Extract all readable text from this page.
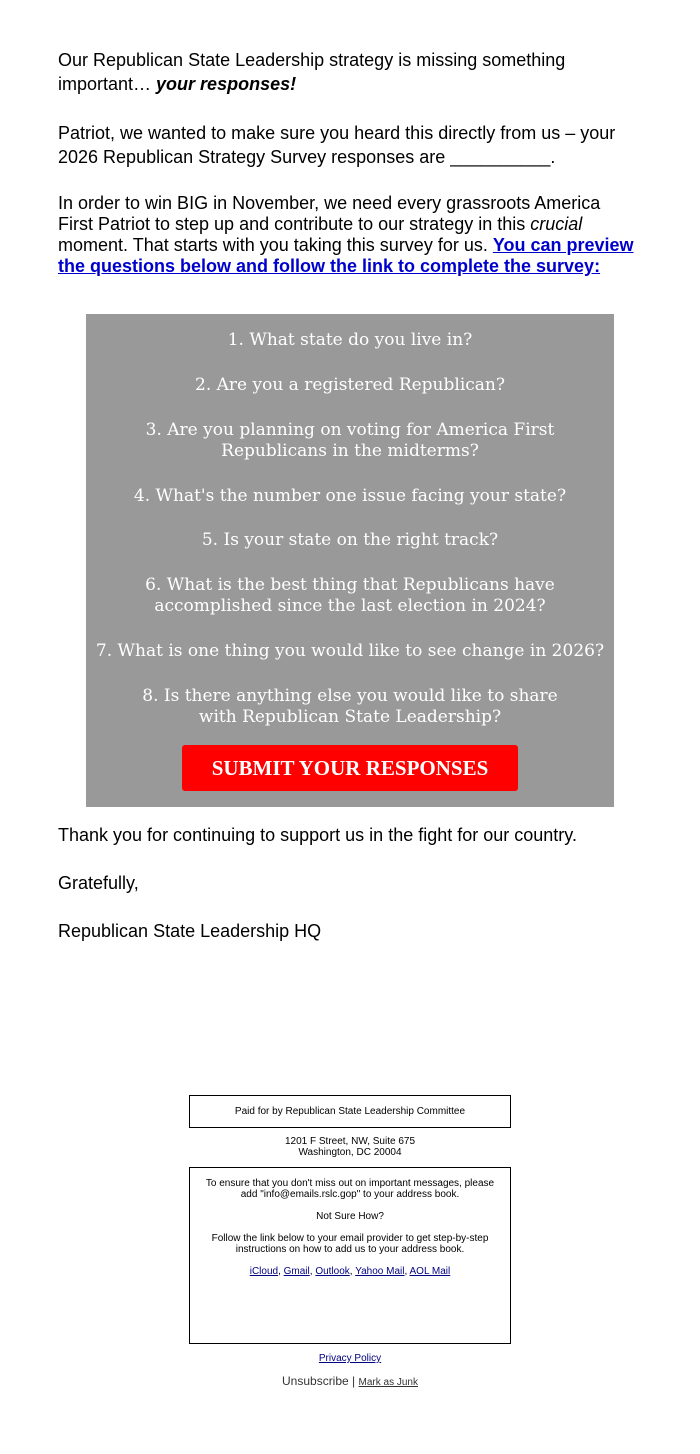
Our Republican State Leadership strategy is missing something important… your responses!

Patriot, we wanted to make sure you heard this directly from us – your 2026 Republican Strategy Survey responses are __________.

In order to win BIG in November, we need every grassroots America First Patriot to step up and contribute to our strategy in this crucial moment. That starts with you taking this survey for us. You can preview the questions below and follow the link to complete the survey:

1. What state do you live in?
2. Are you a registered Republican?
3. Are you planning on voting for America First Republicans in the midterms?
4. What's the number one issue facing your state?
5. Is your state on the right track?
6. What is the best thing that Republicans have accomplished since the last election in 2024?
7. What is one thing you would like to see change in 2026?
8. Is there anything else you would like to share with Republican State Leadership?
SUBMIT YOUR RESPONSES
Thank you for continuing to support us in the fight for our country.
Gratefully,
Republican State Leadership HQ
Paid for by Republican State Leadership Committee
1201 F Street, NW, Suite 675
Washington, DC 20004
To ensure that you don't miss out on important messages, please add "info@emails.rslc.gop" to your address book.
Not Sure How?
Follow the link below to your email provider to get step-by-step instructions on how to add us to your address book.
iCloud, Gmail, Outlook, Yahoo Mail, AOL Mail
Privacy Policy
Unsubscribe | Mark as Junk
